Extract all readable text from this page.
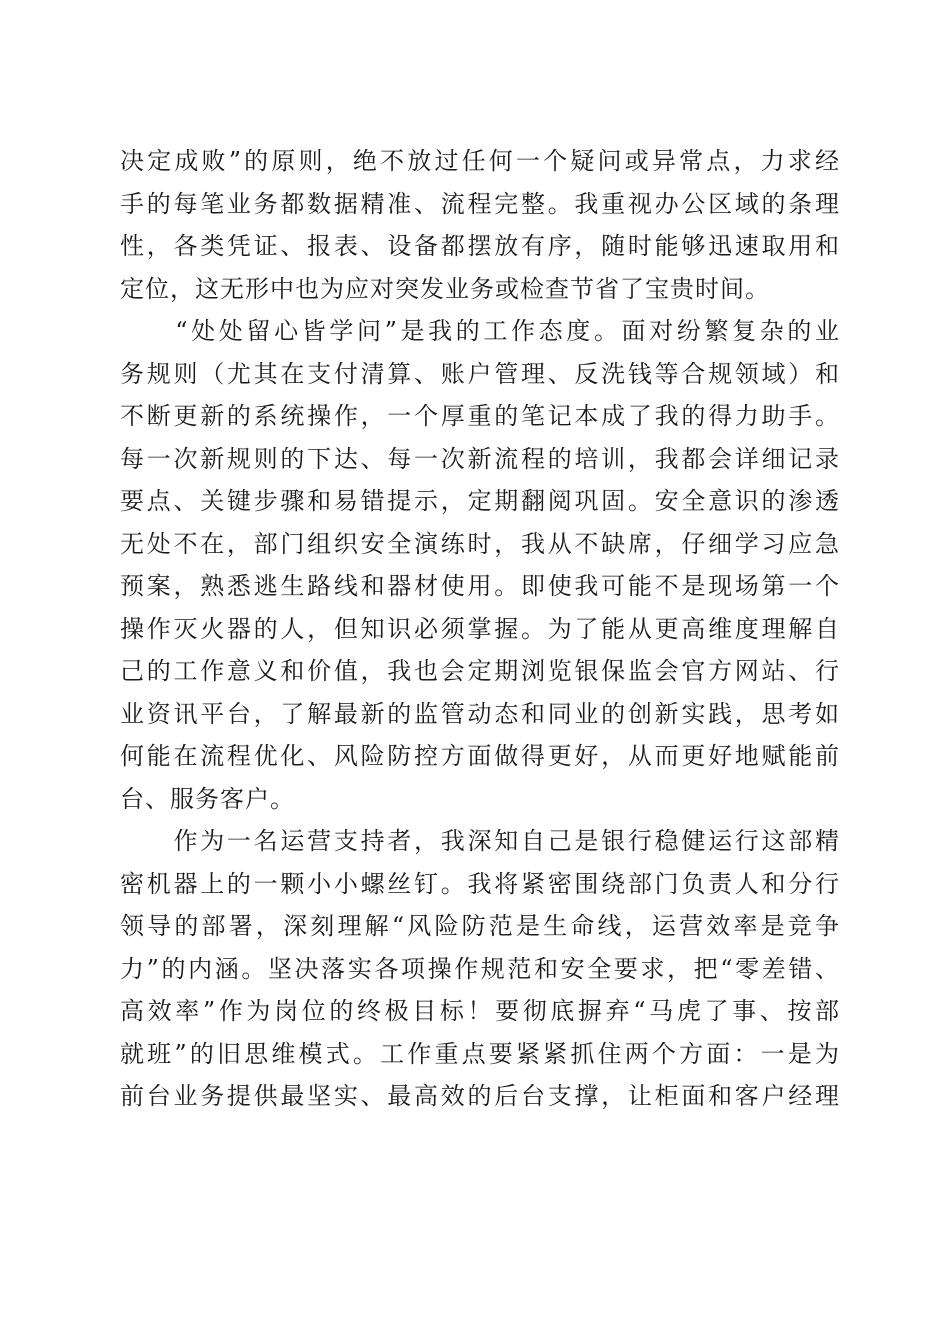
决定成败”的原则，绝不放过任何一个疑问或异常点，力求经
手的每笔业务都数据精准、流程完整。我重视办公区域的条理
性，各类凭证、报表、设备都摆放有序，随时能够迅速取用和
定位，这无形中也为应对突发业务或检查节省了宝贵时间。
　　“处处留心皆学问”是我的工作态度。面对纷繁复杂的业
务规则（尤其在支付清算、账户管理、反洗钱等合规领域）和
不断更新的系统操作，一个厚重的笔记本成了我的得力助手。
每一次新规则的下达、每一次新流程的培训，我都会详细记录
要点、关键步骤和易错提示，定期翻阅巩固。安全意识的渗透
无处不在，部门组织安全演练时，我从不缺席，仔细学习应急
预案，熟悉逃生路线和器材使用。即使我可能不是现场第一个
操作灭火器的人，但知识必须掌握。为了能从更高维度理解自
己的工作意义和价值，我也会定期浏览银保监会官方网站、行
业资讯平台，了解最新的监管动态和同业的创新实践，思考如
何能在流程优化、风险防控方面做得更好，从而更好地赋能前
台、服务客户。
　　作为一名运营支持者，我深知自己是银行稳健运行这部精
密机器上的一颗小小螺丝钉。我将紧密围绕部门负责人和分行
领导的部署，深刻理解“风险防范是生命线，运营效率是竞争
力”的内涵。坚决落实各项操作规范和安全要求，把“零差错、
高效率”作为岗位的终极目标！要彻底摒弃“马虎了事、按部
就班”的旧思维模式。工作重点要紧紧抓住两个方面：一是为
前台业务提供最坚实、最高效的后台支撑，让柜面和客户经理
